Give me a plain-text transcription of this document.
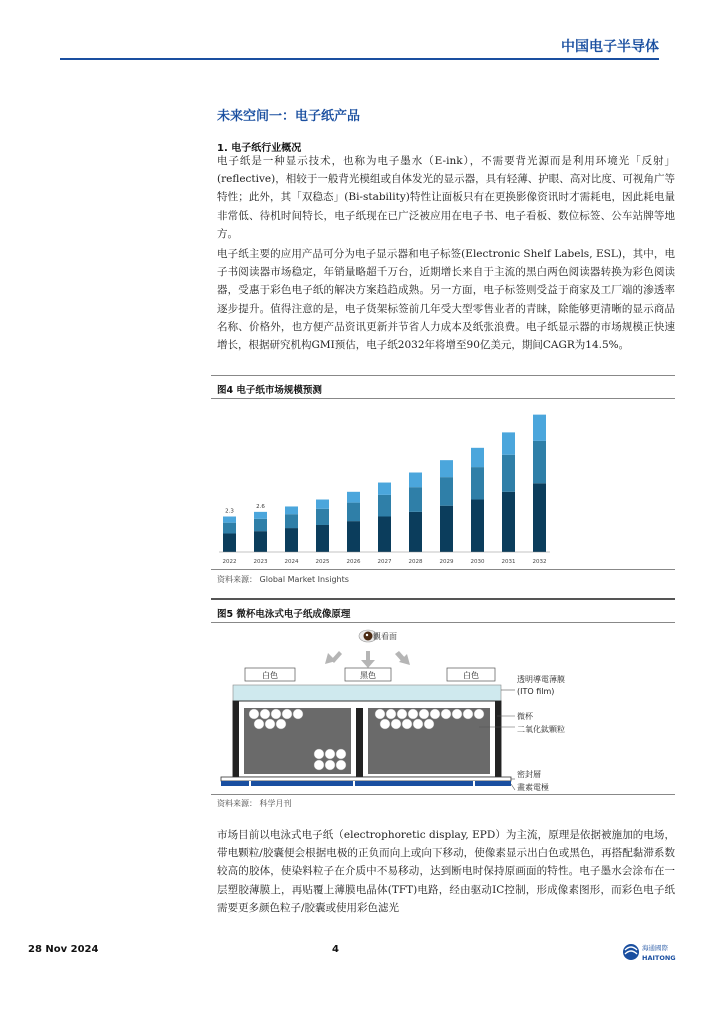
中国电子半导体
未来空间一：电子纸产品
1. 电子纸行业概况
电子纸是一种显示技术，也称为电子墨水（E-ink），不需要背光源而是利用环境光「反射」(reflective)，相较于一般背光模组或自体发光的显示器，具有轻薄、护眼、高对比度、可视角广等特性；此外，其「双稳态」(Bi-stability)特性让面板只有在更换影像资讯时才需耗电，因此耗电量非常低、待机时间特长，电子纸现在已广泛被应用在电子书、电子看板、数位标签、公车站牌等地方。
电子纸主要的应用产品可分为电子显示器和电子标签(Electronic Shelf Labels, ESL)，其中，电子书阅读器市场稳定，年销量略超千万台，近期增长来自于主流的黑白两色阅读器转换为彩色阅读器，受惠于彩色电子纸的解决方案趋趋成熟。另一方面，电子标签则受益于商家及工厂端的渗透率逐步提升。值得注意的是，电子货架标签前几年受大型零售业者的青睐，除能够更清晰的显示商品名称、价格外，也方便产品资讯更新并节省人力成本及纸张浪费。电子纸显示器的市场规模正快速增长，根据研究机构GMI预估，电子纸2032年将增至90亿美元，期间CAGR为14.5%。
图4 电子纸市场规模预测
2022
2.3
2023
2.6
2024	2025	2026	2027	2028	2029	2030	2031	2032
资料来源： Global Market Insights
图5 微杯电泳式电子纸成像原理
觀看面
白色	黑色	白色	透明導電薄膜
(ITO film)
微杯
二氧化鈦顆粒
密封層
畫素電極
资料来源： 科学月刊
市场目前以电泳式电子纸（electrophoretic display, EPD）为主流，原理是依据被施加的电场，带电颗粒/胶囊便会根据电极的正负而向上或向下移动，使像素显示出白色或黑色，再搭配黏滞系数较高的胶体，使染料粒子在介质中不易移动，达到断电时保持原画面的特性。电子墨水会涂布在一层塑胶薄膜上，再贴覆上薄膜电晶体(TFT)电路，经由驱动IC控制，形成像素图形，而彩色电子纸需要更多颜色粒子/胶囊或使用彩色滤光
28 Nov 2024	4	海通國際
HAITONG
